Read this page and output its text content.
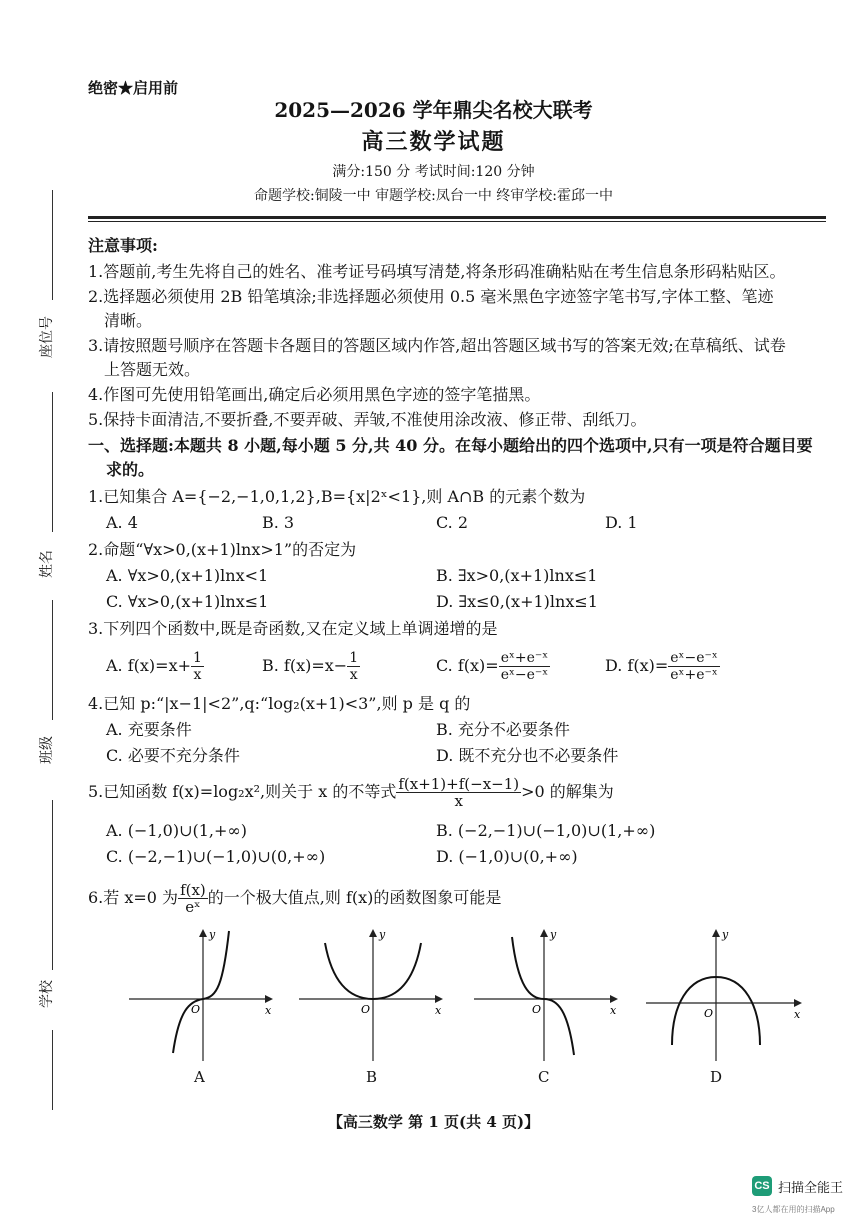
绝密★启用前
2025—2026 学年鼎尖名校大联考
高三数学试题
满分:150 分 考试时间:120 分钟
命题学校:铜陵一中 审题学校:凤台一中 终审学校:霍邱一中
座位号
姓名
班级
学校
注意事项:
1.答题前,考生先将自己的姓名、准考证号码填写清楚,将条形码准确粘贴在考生信息条形码粘贴区。
2.选择题必须使用 2B 铅笔填涂;非选择题必须使用 0.5 毫米黑色字迹签字笔书写,字体工整、笔迹
清晰。
3.请按照题号顺序在答题卡各题目的答题区域内作答,超出答题区域书写的答案无效;在草稿纸、试卷
上答题无效。
4.作图可先使用铅笔画出,确定后必须用黑色字迹的签字笔描黑。
5.保持卡面清洁,不要折叠,不要弄破、弄皱,不准使用涂改液、修正带、刮纸刀。
一、选择题:本题共 8 小题,每小题 5 分,共 40 分。在每小题给出的四个选项中,只有一项是符合题目要
求的。
1.已知集合 A={−2,−1,0,1,2},B={x|2ˣ<1},则 A∩B 的元素个数为
A. 4	B. 3	C. 2	D. 1
2.命题“∀x>0,(x+1)lnx>1”的否定为
A. ∀x>0,(x+1)lnx<1	B. ∃x>0,(x+1)lnx≤1
C. ∀x>0,(x+1)lnx≤1	D. ∃x≤0,(x+1)lnx≤1
3.下列四个函数中,既是奇函数,又在定义域上单调递增的是
A. $f(x)=x+ \frac{1}{x}$	B. $f(x)=x- \frac{1}{x}$	C. $f(x)= \frac{\text{eˣ+e⁻ˣ}}{\text{eˣ−e⁻ˣ}}$	D. $f(x)= \frac{\text{eˣ−e⁻ˣ}}{\text{eˣ+e⁻ˣ}}$
4.已知 p:“|x−1|<2”,q:“log₂(x+1)<3”,则 p 是 q 的
A. 充要条件	B. 充分不必要条件
C. 必要不充分条件	D. 既不充分也不必要条件
5.已知函数 f(x)=log₂x²,则关于 x 的不等式 $\frac{f(x+1)+f(-x-1)}{x} >0$ 的解集为
A. (−1,0)∪(1,+∞)	B. (−2,−1)∪(−1,0)∪(1,+∞)
C. (−2,−1)∪(−1,0)∪(0,+∞)	D. (−1,0)∪(0,+∞)
6.若 x=0 为 $\frac{f(x)}{\text{eˣ}}$ 的一个极大值点,则 f(x)的函数图象可能是
x
y
O
A
x
y
O
B
x
y
O
C
x
y
O
D
【高三数学 第 1 页(共 4 页)】
CS 扫描全能王
3亿人都在用的扫描App
